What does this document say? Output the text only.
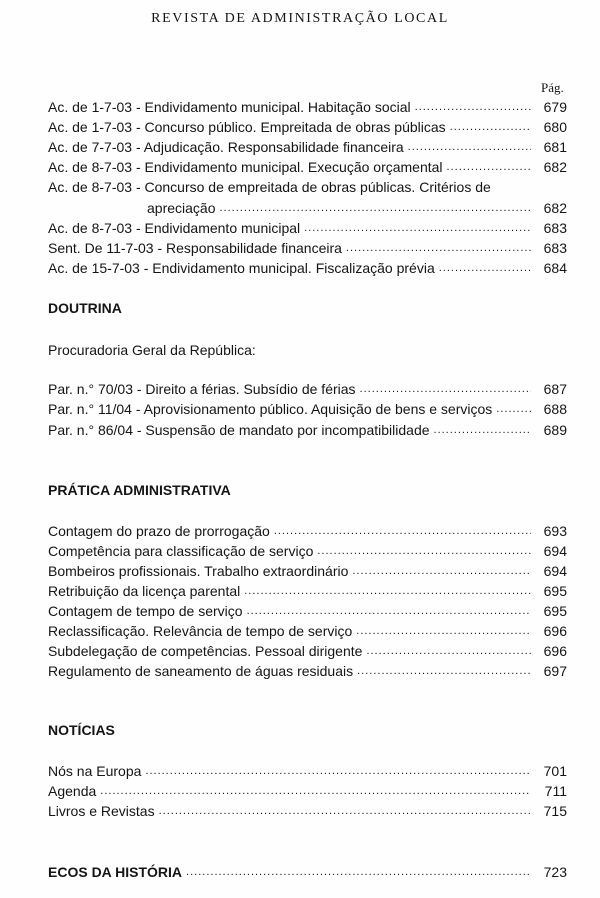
REVISTA DE ADMINISTRAÇÃO LOCAL
Pág.
Ac. de 1-7-03 - Endividamento municipal. Habitação social .....	679
Ac. de 1-7-03 - Concurso público. Empreitada de obras públicas .....	680
Ac. de 7-7-03 - Adjudicação. Responsabilidade financeira .....	681
Ac. de 8-7-03 - Endividamento municipal. Execução orçamental .....	682
Ac. de 8-7-03 - Concurso de empreitada de obras públicas. Critérios de
apreciação .....	682
Ac. de 8-7-03 - Endividamento municipal .....	683
Sent. De 11-7-03 - Responsabilidade financeira .....	683
Ac. de 15-7-03 - Endividamento municipal. Fiscalização prévia .....	684
DOUTRINA
Procuradoria Geral da República:
Par. n.° 70/03 - Direito a férias. Subsídio de férias .....	687
Par. n.° 11/04 - Aprovisionamento público. Aquisição de bens e serviços .....	688
Par. n.° 86/04 - Suspensão de mandato por incompatibilidade .....	689
PRÁTICA ADMINISTRATIVA
Contagem do prazo de prorrogação .....	693
Competência para classificação de serviço .....	694
Bombeiros profissionais. Trabalho extraordinário .....	694
Retribuição da licença parental .....	695
Contagem de tempo de serviço .....	695
Reclassificação. Relevância de tempo de serviço .....	696
Subdelegação de competências. Pessoal dirigente .....	696
Regulamento de saneamento de águas residuais .....	697
NOTÍCIAS
Nós na Europa .....	701
Agenda .....	711
Livros e Revistas .....	715
ECOS DA HISTÓRIA .....	723
